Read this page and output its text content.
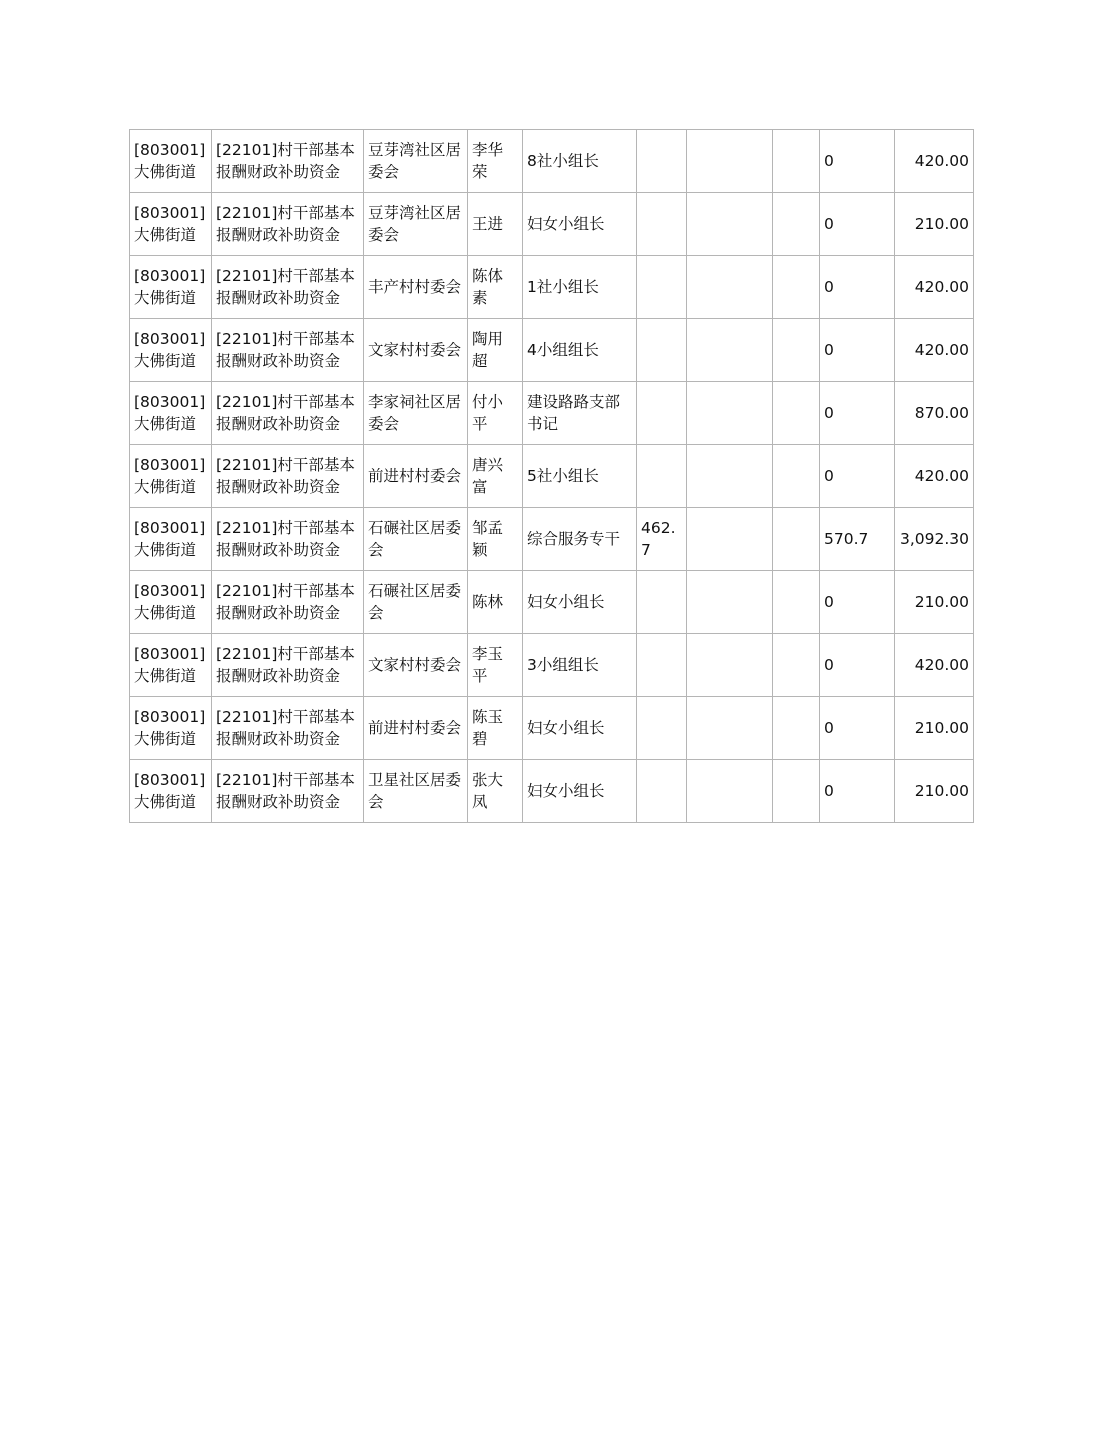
[803001]大佛街道	[22101]村干部基本报酬财政补助资金	豆芽湾社区居委会	李华荣	8社小组长				0	420.00
[803001]大佛街道	[22101]村干部基本报酬财政补助资金	豆芽湾社区居委会	王进	妇女小组长				0	210.00
[803001]大佛街道	[22101]村干部基本报酬财政补助资金	丰产村村委会	陈体素	1社小组长				0	420.00
[803001]大佛街道	[22101]村干部基本报酬财政补助资金	文家村村委会	陶用超	4小组组长				0	420.00
[803001]大佛街道	[22101]村干部基本报酬财政补助资金	李家祠社区居委会	付小平	建设路路支部书记				0	870.00
[803001]大佛街道	[22101]村干部基本报酬财政补助资金	前进村村委会	唐兴富	5社小组长				0	420.00
[803001]大佛街道	[22101]村干部基本报酬财政补助资金	石碾社区居委会	邹孟颖	综合服务专干	462.7			570.7	3,092.30
[803001]大佛街道	[22101]村干部基本报酬财政补助资金	石碾社区居委会	陈林	妇女小组长				0	210.00
[803001]大佛街道	[22101]村干部基本报酬财政补助资金	文家村村委会	李玉平	3小组组长				0	420.00
[803001]大佛街道	[22101]村干部基本报酬财政补助资金	前进村村委会	陈玉碧	妇女小组长				0	210.00
[803001]大佛街道	[22101]村干部基本报酬财政补助资金	卫星社区居委会	张大凤	妇女小组长				0	210.00
